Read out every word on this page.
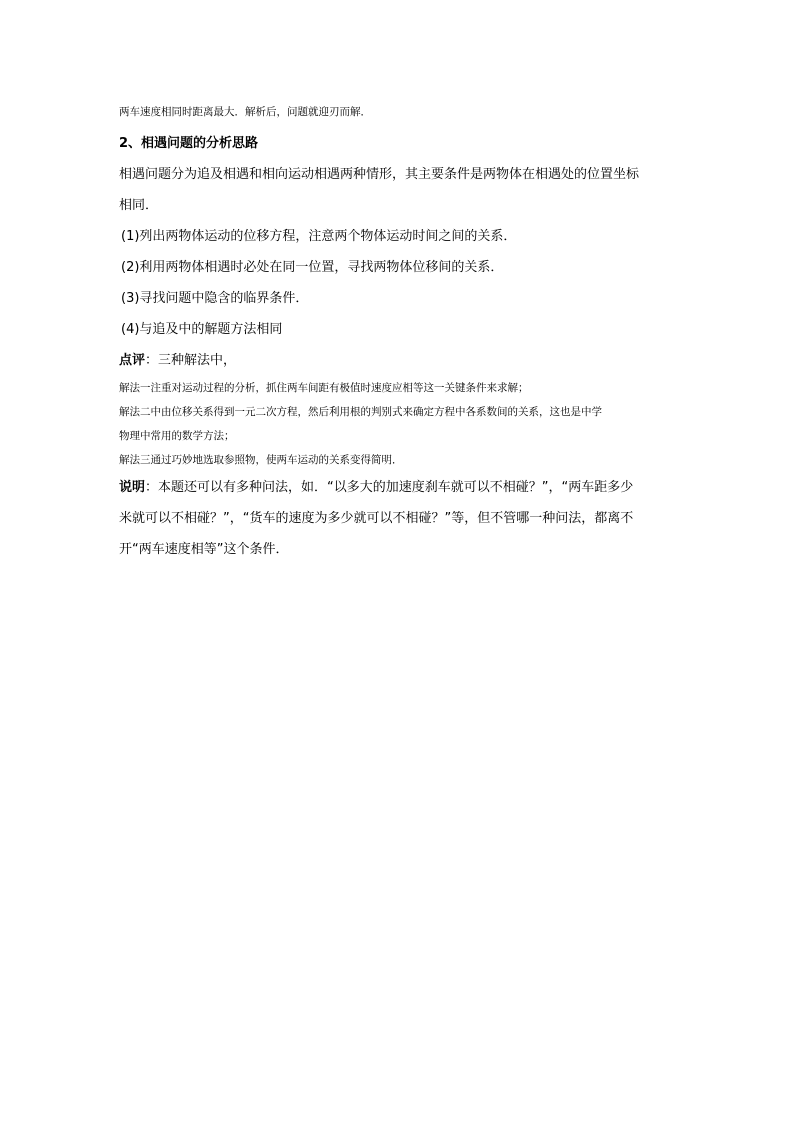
两车速度相同时距离最大．解析后，问题就迎刃而解．
2、相遇问题的分析思路
相遇问题分为追及相遇和相向运动相遇两种情形，其主要条件是两物体在相遇处的位置坐标
相同．
(1)列出两物体运动的位移方程，注意两个物体运动时间之间的关系．
(2)利用两物体相遇时必处在同一位置，寻找两物体位移间的关系．
(3)寻找问题中隐含的临界条件．
(4)与追及中的解题方法相同
点评：三种解法中，
解法一注重对运动过程的分析，抓住两车间距有极值时速度应相等这一关键条件来求解；
解法二中由位移关系得到一元二次方程，然后利用根的判别式来确定方程中各系数间的关系，这也是中学
物理中常用的数学方法；
解法三通过巧妙地选取参照物，使两车运动的关系变得简明．
说明：本题还可以有多种问法，如．“以多大的加速度刹车就可以不相碰？”，“两车距多少
米就可以不相碰？”，“货车的速度为多少就可以不相碰？”等，但不管哪一种问法，都离不
开“两车速度相等”这个条件．
